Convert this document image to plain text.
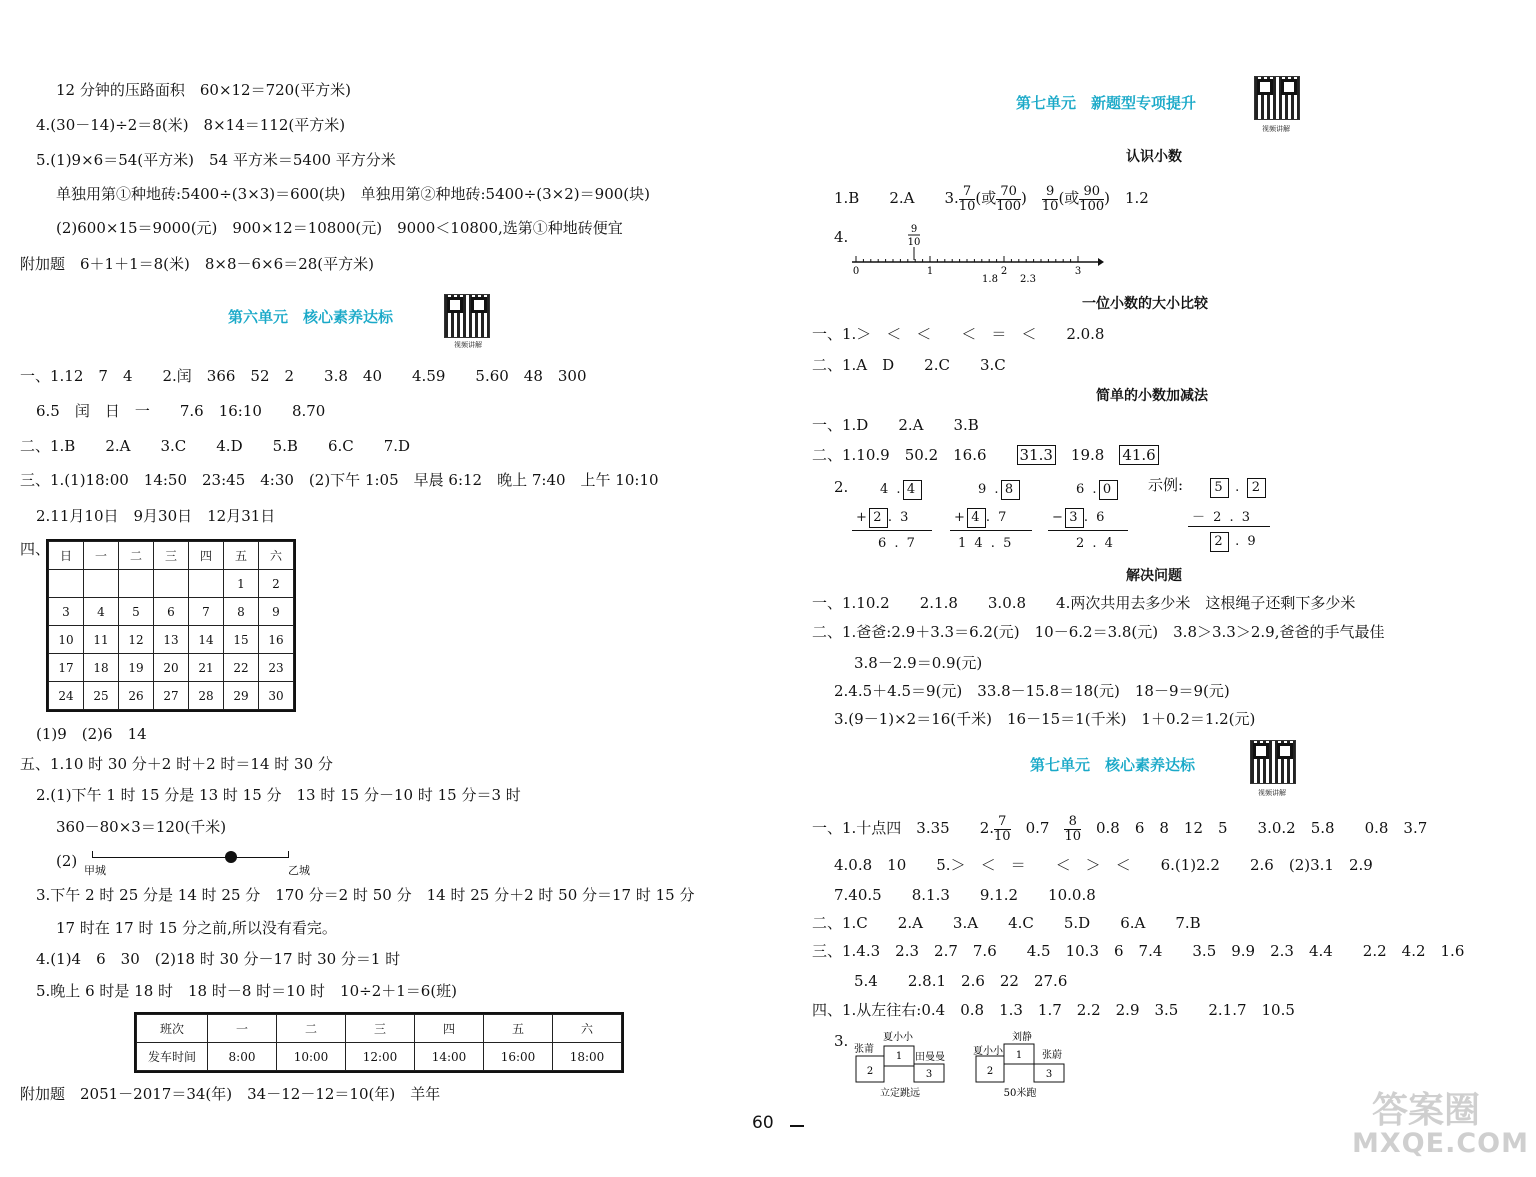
12 分钟的压路面积　60×12＝720(平方米)
4.(30－14)÷2＝8(米)　8×14＝112(平方米)
5.(1)9×6＝54(平方米)　54 平方米＝5400 平方分米
单独用第①种地砖:5400÷(3×3)＝600(块)　单独用第②种地砖:5400÷(3×2)＝900(块)
(2)600×15＝9000(元)　900×12＝10800(元)　9000＜10800,选第①种地砖便宜
附加题　6＋1＋1＝8(米)　8×8－6×6＝28(平方米)
第六单元　核心素养达标
视频讲解
一、1.12　7　4　　2.闰　366　52　2　　3.8　40　　4.59　　5.60　48　300
6.5　闰　日　一　　7.6　16:10　　8.70
二、1.B　　2.A　　3.C　　4.D　　5.B　　6.C　　7.D
三、1.(1)18:00　14:50　23:45　4:30　(2)下午 1:05　早晨 6:12　晚上 7:40　上午 10:10
2.11月10日　9月30日　12月31日
四、 日	一	二	三	四	五	六
					1	2
3	4	5	6	7	8	9
10	11	12	13	14	15	16
17	18	19	20	21	22	23
24	25	26	27	28	29	30
(1)9　(2)6　14
五、1.10 时 30 分＋2 时＋2 时＝14 时 30 分
2.(1)下午 1 时 15 分是 13 时 15 分　13 时 15 分－10 时 15 分＝3 时
360－80×3＝120(千米)
(2)
甲城	乙城
3.下午 2 时 25 分是 14 时 25 分　170 分＝2 时 50 分　14 时 25 分＋2 时 50 分＝17 时 15 分
17 时在 17 时 15 分之前,所以没有看完。
4.(1)4　6　30　(2)18 时 30 分－17 时 30 分＝1 时
5.晚上 6 时是 18 时　18 时－8 时＝10 时　10÷2＋1＝6(班)
班次	一	二	三	四	五	六
发车时间	8:00	10:00	12:00	14:00	16:00	18:00
附加题　2051－2017＝34(年)　34－12－12＝10(年)　羊年
第七单元　新题型专项提升
视频讲解
认识小数
1.B　　2.A　　3. $\frac{7}{10}$ (或 $\frac{70}{100}$ )　 $\frac{9}{10}$ (或 $\frac{90}{100}$ )　1.2
4.	9
10
0	1	2	3
1.8 2.3
一位小数的大小比较
一、1.＞　＜　＜　　＜　＝　＜　　2.0.8
二、1.A　D　　2.C　　3.C
简单的小数加减法
一、1.D　　2.A　　3.B
二、1.10.9　50.2　16.6　　31.3　19.8　41.6
2. 4 . 4
+ 2 . 3
6 . 7
9 . 8
+ 4 . 7
1 4 . 5
6 . 0
− 3 . 6
2 . 4
示例:	5 . 2
－ 2 . 3
2 . 9
解决问题
一、1.10.2　　2.1.8　　3.0.8　　4.两次共用去多少米　这根绳子还剩下多少米
二、1.爸爸:2.9＋3.3＝6.2(元)　10－6.2＝3.8(元)　3.8＞3.3＞2.9,爸爸的手气最佳
3.8－2.9＝0.9(元)
2.4.5＋4.5＝9(元)　33.8－15.8＝18(元)　18－9＝9(元)
3.(9－1)×2＝16(千米)　16－15＝1(千米)　1＋0.2＝1.2(元)
第七单元　核心素养达标
视频讲解
一、1.十点四　3.35　　2. $\frac{7}{10}$ 　0.7　 $\frac{8}{10}$ 　0.8　6　8　12　5　　3.0.2　5.8　　0.8　3.7
4.0.8　10　　5.＞　＜　＝　　＜　＞　＜　　6.(1)2.2　　2.6　(2)3.1　2.9
7.40.5　　8.1.3　　9.1.2　　10.0.8
二、1.C　　2.A　　3.A　　4.C　　5.D　　6.A　　7.B
三、1.4.3　2.3　2.7　7.6　　4.5　10.3　6　7.4　　3.5　9.9　2.3　4.4　　2.2　4.2　1.6
5.4　　2.8.1　2.6　22　27.6
四、1.从左往右:0.4　0.8　1.3　1.7　2.2　2.9　3.5　　2.1.7　10.5
3.	夏小小
张莆
田曼曼
1
2	3
立定跳远
夏小小
刘静
张蔚
1
2	3
50米跑
60	答案圈
MXQE.COM
